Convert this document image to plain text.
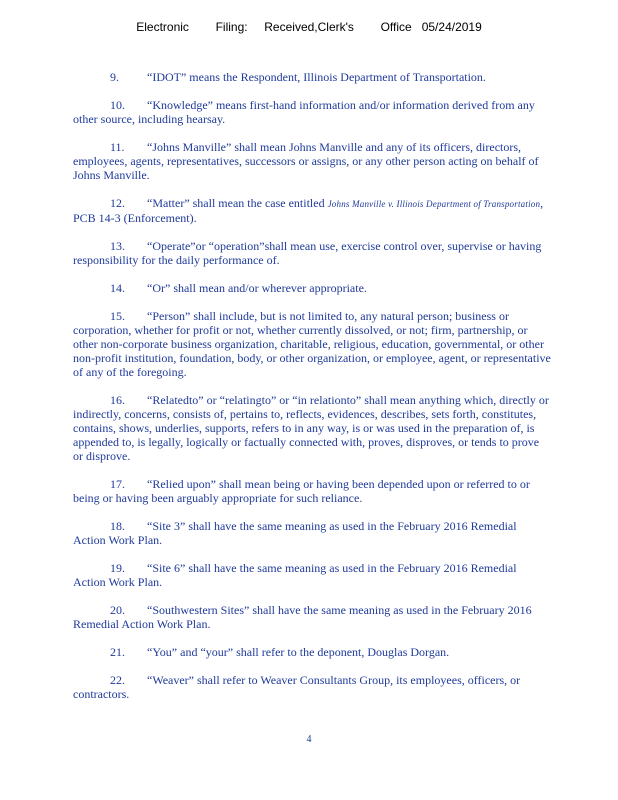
Electronic        Filing:     Received,Clerk's        Office   05/24/2019

9. “IDOT” means the Respondent, Illinois Department of Transportation.

10. “Knowledge” means first-hand information and/or information derived from any other source, including hearsay.

11. “Johns Manville” shall mean Johns Manville and any of its officers, directors, employees, agents, representatives, successors or assigns, or any other person acting on behalf of Johns Manville.

12. “Matter” shall mean the case entitled Johns Manville v. Illinois Department of Transportation, PCB 14-3 (Enforcement).

13. “Operate”or “operation”shall mean use, exercise control over, supervise or having responsibility for the daily performance of.

14. “Or” shall mean and/or wherever appropriate.

15. “Person” shall include, but is not limited to, any natural person; business or corporation, whether for profit or not, whether currently dissolved, or not; firm, partnership, or other non-corporate business organization, charitable, religious, education, governmental, or other non-profit institution, foundation, body, or other organization, or employee, agent, or representative of any of the foregoing.

16. “Relatedto” or “relatingto” or “in relationto” shall mean anything which, directly or indirectly, concerns, consists of, pertains to, reflects, evidences, describes, sets forth, constitutes, contains, shows, underlies, supports, refers to in any way, is or was used in the preparation of, is appended to, is legally, logically or factually connected with, proves, disproves, or tends to prove or disprove.

17. “Relied upon” shall mean being or having been depended upon or referred to or being or having been arguably appropriate for such reliance.

18. “Site 3” shall have the same meaning as used in the February 2016 Remedial Action Work Plan.

19. “Site 6” shall have the same meaning as used in the February 2016 Remedial Action Work Plan.

20. “Southwestern Sites” shall have the same meaning as used in the February 2016 Remedial Action Work Plan.

21. “You” and “your” shall refer to the deponent, Douglas Dorgan.

22. “Weaver” shall refer to Weaver Consultants Group, its employees, officers, or contractors.

4
